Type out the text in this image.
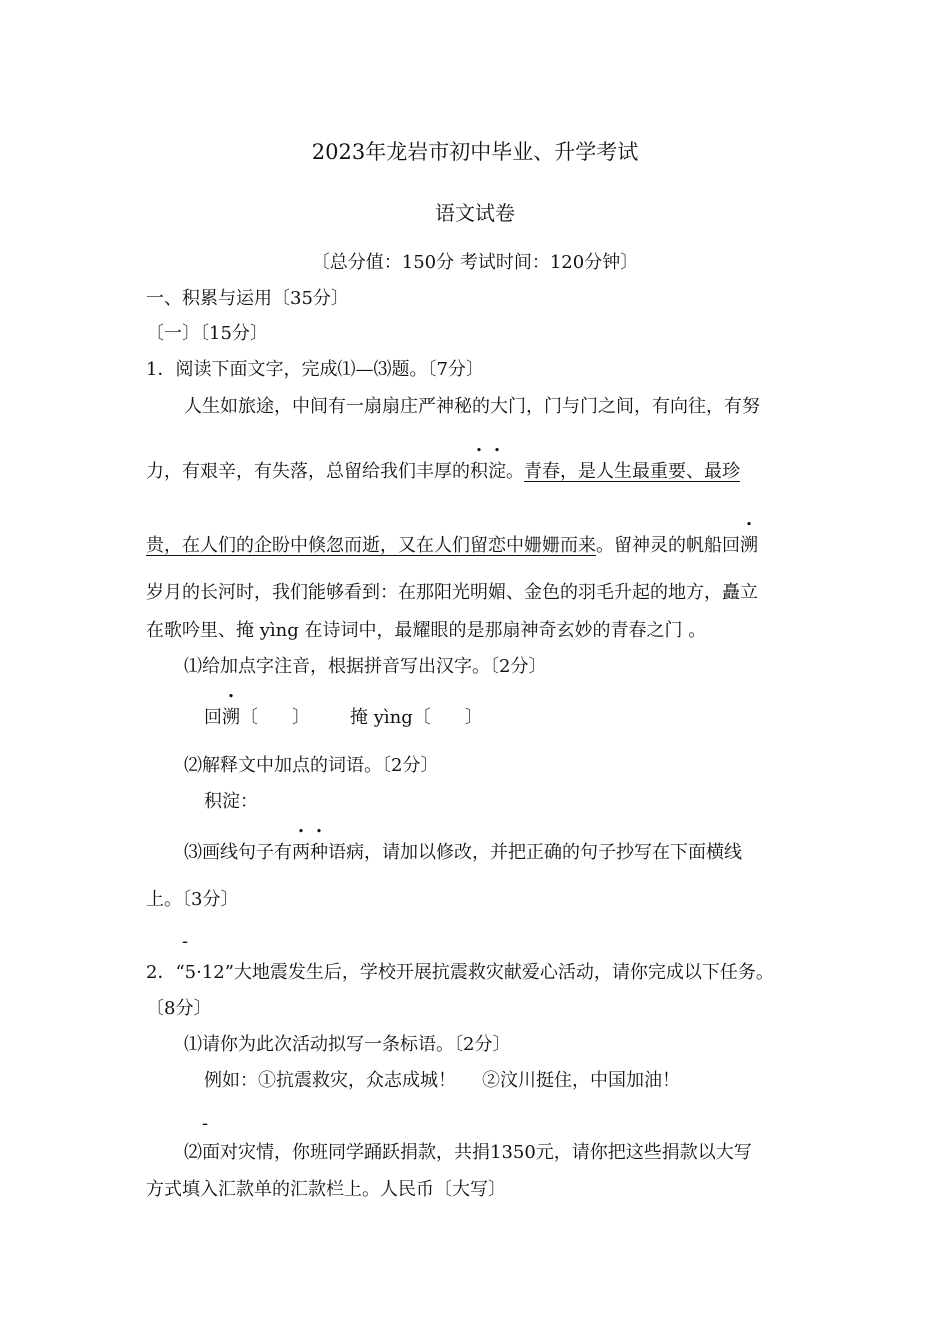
2023年龙岩市初中毕业、升学考试
语文试卷
〔总分值：150分 考试时间：120分钟〕
一、积累与运用〔35分〕
〔一〕〔15分〕
1．阅读下面文字，完成⑴—⑶题。〔7分〕
人生如旅途，中间有一扇扇庄严神秘的大门，门与门之间，有向往，有努
力，有艰辛，有失落，总留给我们丰厚的积淀。青春，是人生最重要、最珍
贵，在人们的企盼中倏忽而逝，又在人们留恋中姗姗而来。留神灵的帆船回溯
岁月的长河时，我们能够看到：在那阳光明媚、金色的羽毛升起的地方，矗立
在歌吟里、掩 yìng 在诗词中，最耀眼的是那扇神奇玄妙的青春之门 。
⑴给加点字注音，根据拼音写出汉字。〔2分〕
回溯〔 〕 掩 yìng〔 〕
⑵解释文中加点的词语。〔2分〕
积淀：
⑶画线句子有两种语病，请加以修改，并把正确的句子抄写在下面横线
上。〔3分〕
-
2．“5·12”大地震发生后，学校开展抗震救灾献爱心活动，请你完成以下任务。
〔8分〕
⑴请你为此次活动拟写一条标语。〔2分〕
例如：①抗震救灾，众志成城！ ②汶川挺住，中国加油！
-
⑵面对灾情，你班同学踊跃捐款，共捐1350元，请你把这些捐款以大写
方式填入汇款单的汇款栏上。人民币〔大写〕
